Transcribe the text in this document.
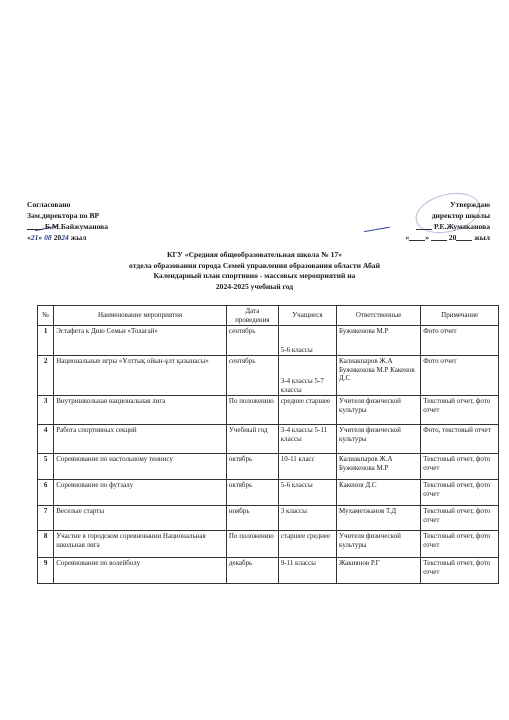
Согласовано
Зам.директора по ВР
Б.М.Байжуманова
«21» 08 2024 жыл
Утверждаю
директор школы
Р.Е.Жумаканова
« »  20 жыл
КГУ «Средняя общеобразовательная школа № 17»
отдела образования города Семей управления образования области Абай
Календарный план спортивно - массовых мероприятий на
2024-2025 учебный год
№	Наименование мероприятия	Дата проведения	Учащиеся	Ответственные	Примечание
1	Эстафета к Дню Семьи «Толағай»	сентябрь	5-6 классы	Бужикенова М.Р	Фото отчет
2	Национальные игры «Ұлттық ойын-ұлт қазынасы»	сентябрь	3-4 классы 5-7 классы	Калиакпаров Ж.А Бужикенова М.Р Какенов Д.С	Фото отчет
3	Внутришкольная национальная лига	По положению	среднее старшее	Учителя физической культуры	Текстовый отчет, фото отчет
4	Работа спортивных секций	Учебный год	3-4 классы 5-11 классы	Учителя физической культуры	Фото, текстовый отчет
5	Соревнование по настольному теннису	октябрь	10-11 класс	Калиакпаров Ж.А Бужикенова М.Р	Текстовый отчет, фото отчет
6	Соревнование по футзалу	октябрь	5-6 классы	Какенов Д.С	Текстовый отчет, фото отчет
7	Веселые старты	ноябрь	3 классы	Мухаметжанов Т.Д	Текстовый отчет, фото отчет
8	Участие в городском соревновании Национальная школьная лига	По положению	старшее среднее	Учителя физической культуры	Текстовый отчет, фото отчет
9	Соревнование по волейболу	декабрь	9-11 классы	Жакиянов Р.Г	Текстовый отчет, фото отчет
